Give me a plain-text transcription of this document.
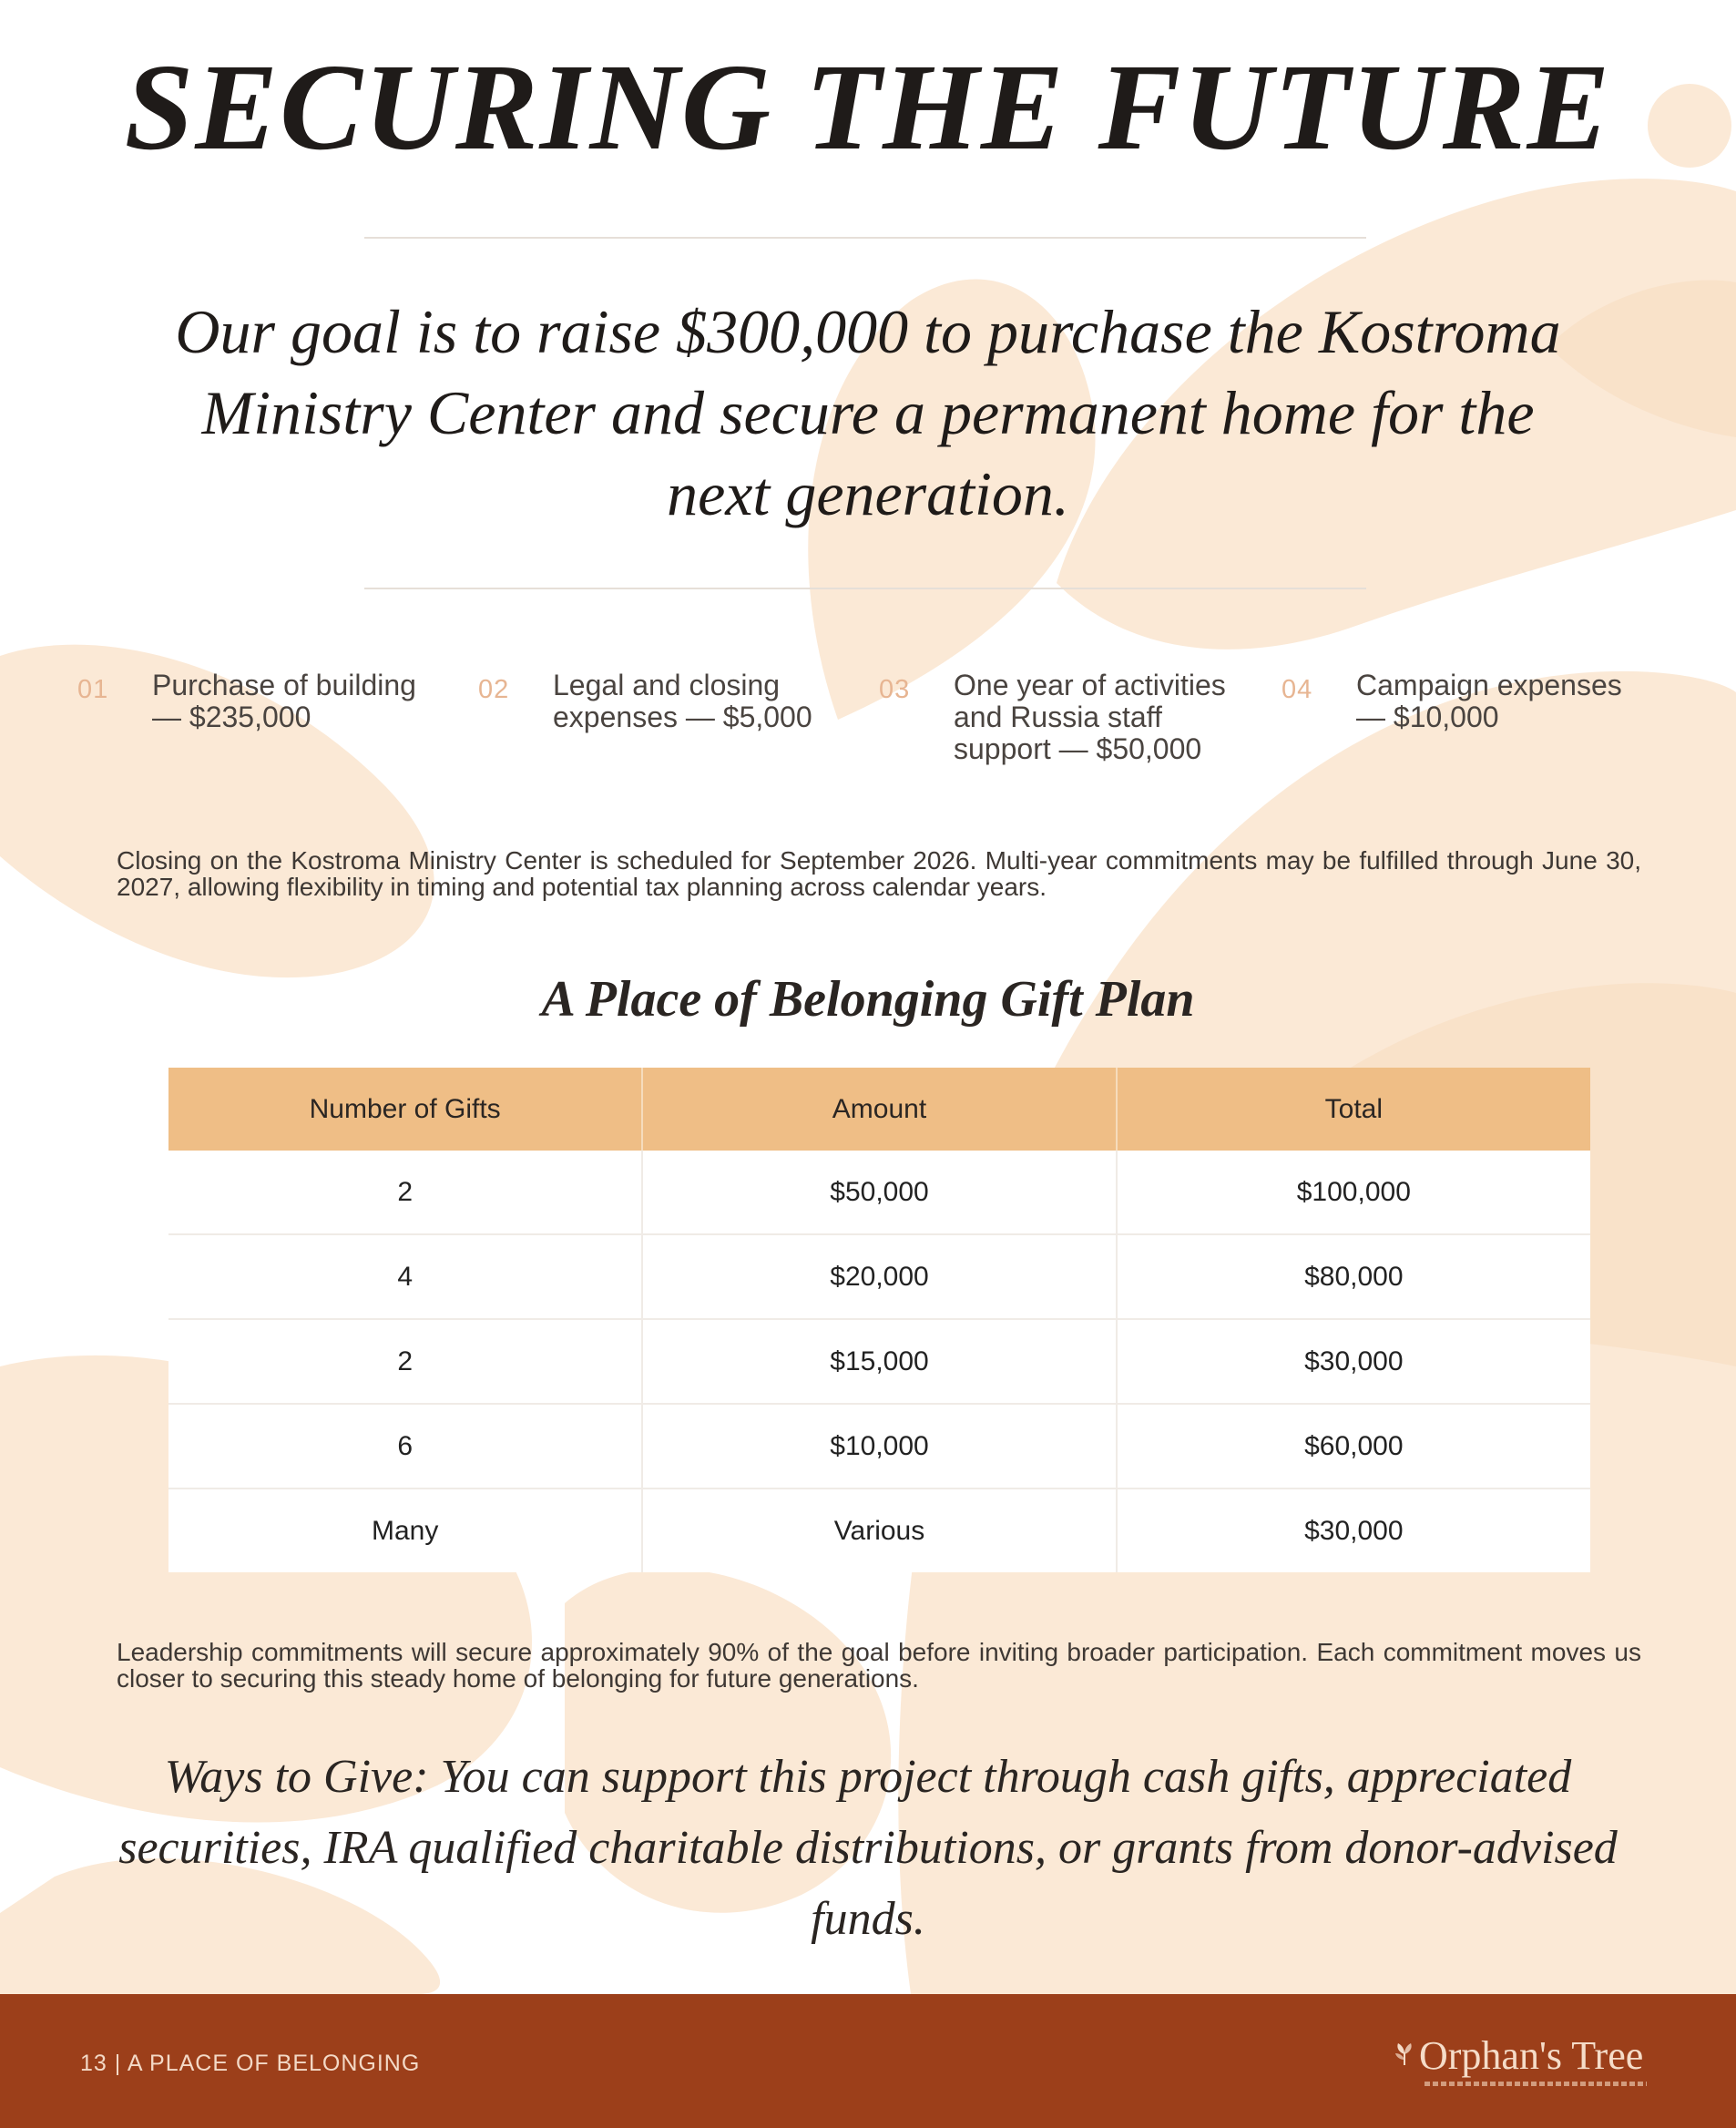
SECURING THE FUTURE

Our goal is to raise $300,000 to purchase the Kostroma Ministry Center and secure a permanent home for the next generation.

01 Purchase of building — $235,000
02 Legal and closing expenses — $5,000
03 One year of activities and Russia staff support — $50,000
04 Campaign expenses — $10,000

Closing on the Kostroma Ministry Center is scheduled for September 2026. Multi-year commitments may be fulfilled through June 30, 2027, allowing flexibility in timing and potential tax planning across calendar years.

A Place of Belonging Gift Plan
Number of Gifts	Amount	Total
2	$50,000	$100,000
4	$20,000	$80,000
2	$15,000	$30,000
6	$10,000	$60,000
Many	Various	$30,000

Leadership commitments will secure approximately 90% of the goal before inviting broader participation. Each commitment moves us closer to securing this steady home of belonging for future generations.

Ways to Give: You can support this project through cash gifts, appreciated securities, IRA qualified charitable distributions, or grants from donor-advised funds.

13 | A PLACE OF BELONGING	Orphan's Tree
